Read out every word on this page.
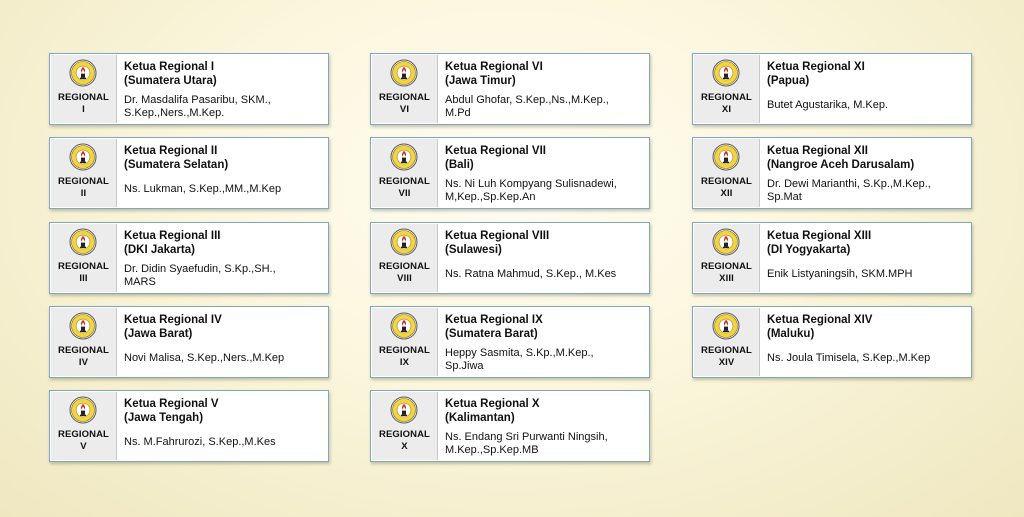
REGIONAL
I
Ketua Regional I
(Sumatera Utara)
Dr. Masdalifa Pasaribu, SKM.,
S.Kep.,Ners.,M.Kep.
REGIONAL
II
Ketua Regional II
(Sumatera Selatan)
Ns. Lukman, S.Kep.,MM.,M.Kep
REGIONAL
III
Ketua Regional III
(DKI Jakarta)
Dr. Didin Syaefudin, S.Kp.,SH.,
MARS
REGIONAL
IV
Ketua Regional IV
(Jawa Barat)
Novi Malisa, S.Kep.,Ners.,M.Kep
REGIONAL
V
Ketua Regional V
(Jawa Tengah)
Ns. M.Fahrurozi, S.Kep.,M.Kes
REGIONAL
VI
Ketua Regional VI
(Jawa Timur)
Abdul Ghofar, S.Kep.,Ns.,M.Kep.,
M.Pd
REGIONAL
VII
Ketua Regional VII
(Bali)
Ns. Ni Luh Kompyang Sulisnadewi,
M,Kep.,Sp.Kep.An
REGIONAL
VIII
Ketua Regional VIII
(Sulawesi)
Ns. Ratna Mahmud, S.Kep., M.Kes
REGIONAL
IX
Ketua Regional IX
(Sumatera Barat)
Heppy Sasmita, S.Kp.,M.Kep.,
Sp.Jiwa
REGIONAL
X
Ketua Regional X
(Kalimantan)
Ns. Endang Sri Purwanti Ningsih,
M.Kep.,Sp.Kep.MB
REGIONAL
XI
Ketua Regional XI
(Papua)
Butet Agustarika, M.Kep.
REGIONAL
XII
Ketua Regional XII
(Nangroe Aceh Darusalam)
Dr. Dewi Marianthi, S.Kp.,M.Kep.,
Sp.Mat
REGIONAL
XIII
Ketua Regional XIII
(DI Yogyakarta)
Enik Listyaningsih, SKM.MPH
REGIONAL
XIV
Ketua Regional XIV
(Maluku)
Ns. Joula Timisela, S.Kep.,M.Kep
